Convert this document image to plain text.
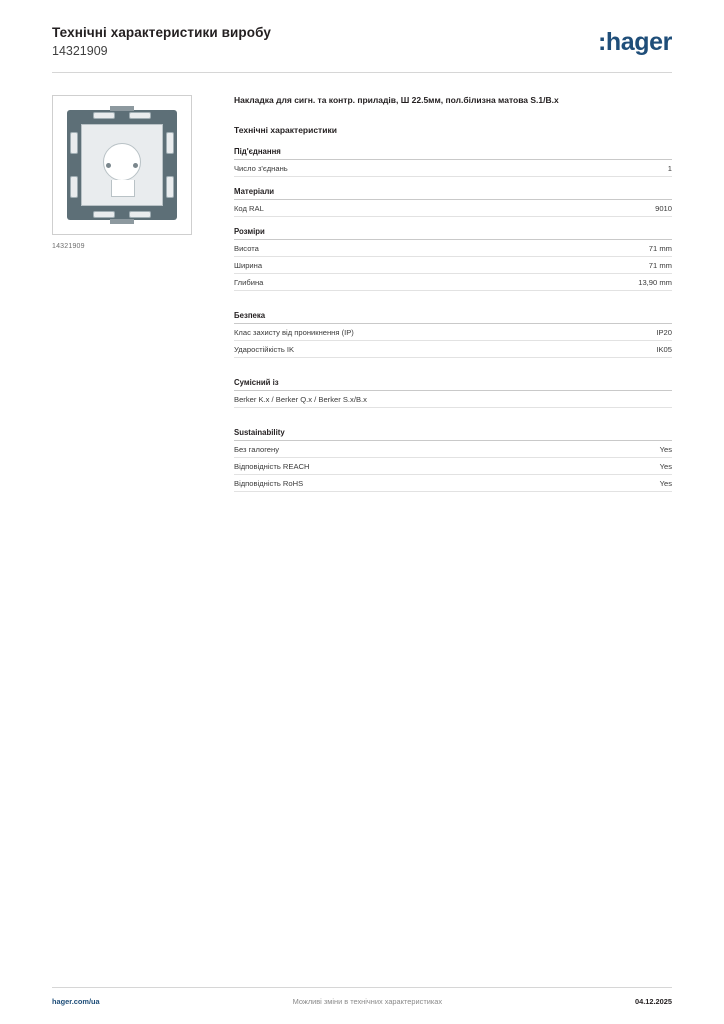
Технічні характеристики виробу
14321909	:hager
14321909
Накладка для сигн. та контр. приладів, Ш 22.5мм, пол.білизна матова S.1/B.x
Технічні характеристики
Під'єднання
Число з'єднань	1
Матеріали
Код RAL	9010
Розміри
Висота	71 mm
Ширина	71 mm
Глибина	13,90 mm
Безпека
Клас захисту від проникнення (IP)	IP20
Ударостійкість IK	IK05
Сумісний із
Berker K.x / Berker Q.x / Berker S.x/B.x
Sustainability
Без галогену	Yes
Відповідність REACH	Yes
Відповідність RoHS	Yes
hager.com/ua	Можливі зміни в технічних характеристиках	04.12.2025
